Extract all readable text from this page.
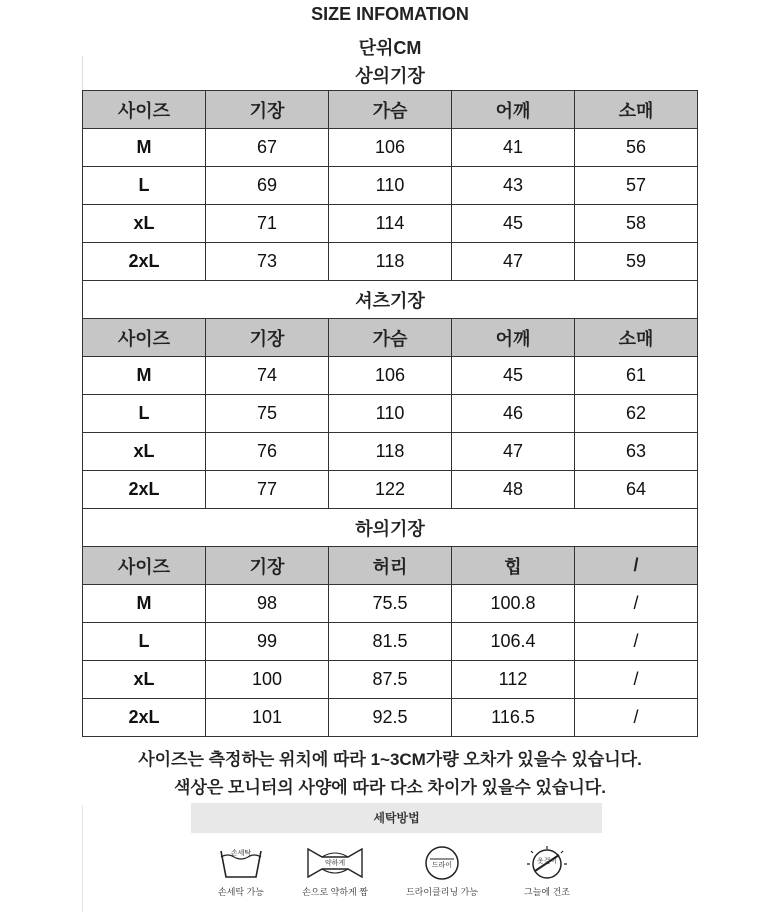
SIZE INFOMATION
단위CM
상의기장
사이즈	기장	가슴	어깨	소매
M	67	106	41	56
L	69	110	43	57
xL	71	114	45	58
2xL	73	118	47	59
셔츠기장				
사이즈	기장	가슴	어깨	소매
M	74	106	45	61
L	75	110	46	62
xL	76	118	47	63
2xL	77	122	48	64
하의기장				
사이즈	기장	허리	힙	/
M	98	75.5	100.8	/
L	99	81.5	106.4	/
xL	100	87.5	112	/
2xL	101	92.5	116.5	/
사이즈는 측정하는 위치에 따라 1~3CM가량 오차가 있을수 있습니다.
색상은 모니터의 사양에 따라 다소 차이가 있을수 있습니다.
세탁방법
손세탁
손세탁 가능
약하게
손으로 약하게 짬
드라이
드라이클리닝 가능
옷걸이
그늘에 건조
